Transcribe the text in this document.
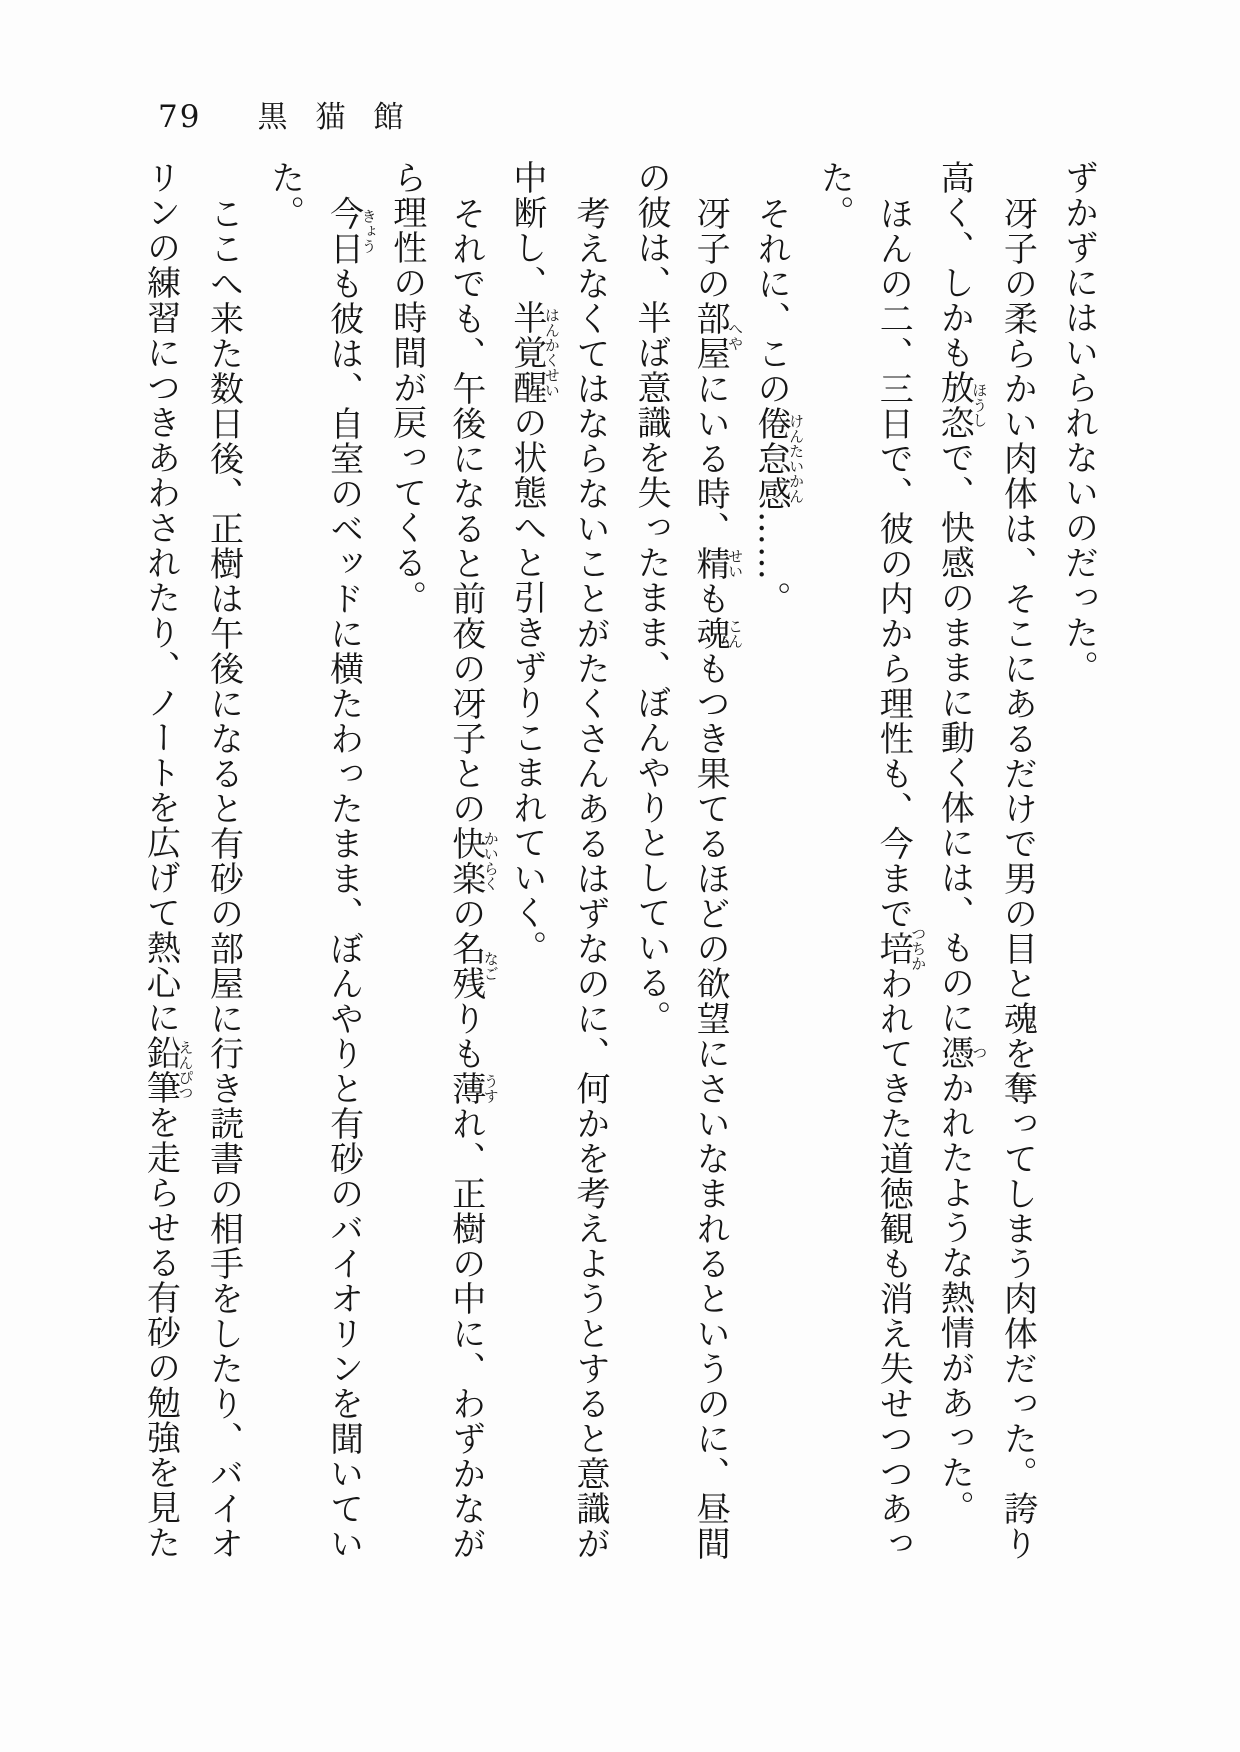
79 黒猫館

ずかずにはいられないのだった。

冴子の柔らかい肉体は、そこにあるだけで男の目と魂を奪ってしまう肉体だった。誇り

高く、しかも放恣ほうしで、快感のままに動く体には、ものに憑つかれたような熱情があった。

ほんの二、三日で、彼の内から理性も、今まで培つちかわれてきた道徳観も消え失せつつあっ

た。

それに、この倦怠感けんたいかん……。

冴子の部屋へやにいる時、精せいも魂こんもつき果てるほどの欲望にさいなまれるというのに、昼間

の彼は、半ば意識を失ったまま、ぼんやりとしている。

考えなくてはならないことがたくさんあるはずなのに、何かを考えようとすると意識が

中断し、半覚醒はんかくせいの状態へと引きずりこまれていく。

それでも、午後になると前夜の冴子との快楽かいらくの名残なごりも薄うすれ、正樹の中に、わずかなが

ら理性の時間が戻ってくる。

今日きょうも彼は、自室のベッドに横たわったまま、ぼんやりと有砂のバイオリンを聞いてい

た。

ここへ来た数日後、正樹は午後になると有砂の部屋に行き読書の相手をしたり、バイオ

リンの練習につきあわされたり、ノートを広げて熱心に鉛筆えんぴつを走らせる有砂の勉強を見た
